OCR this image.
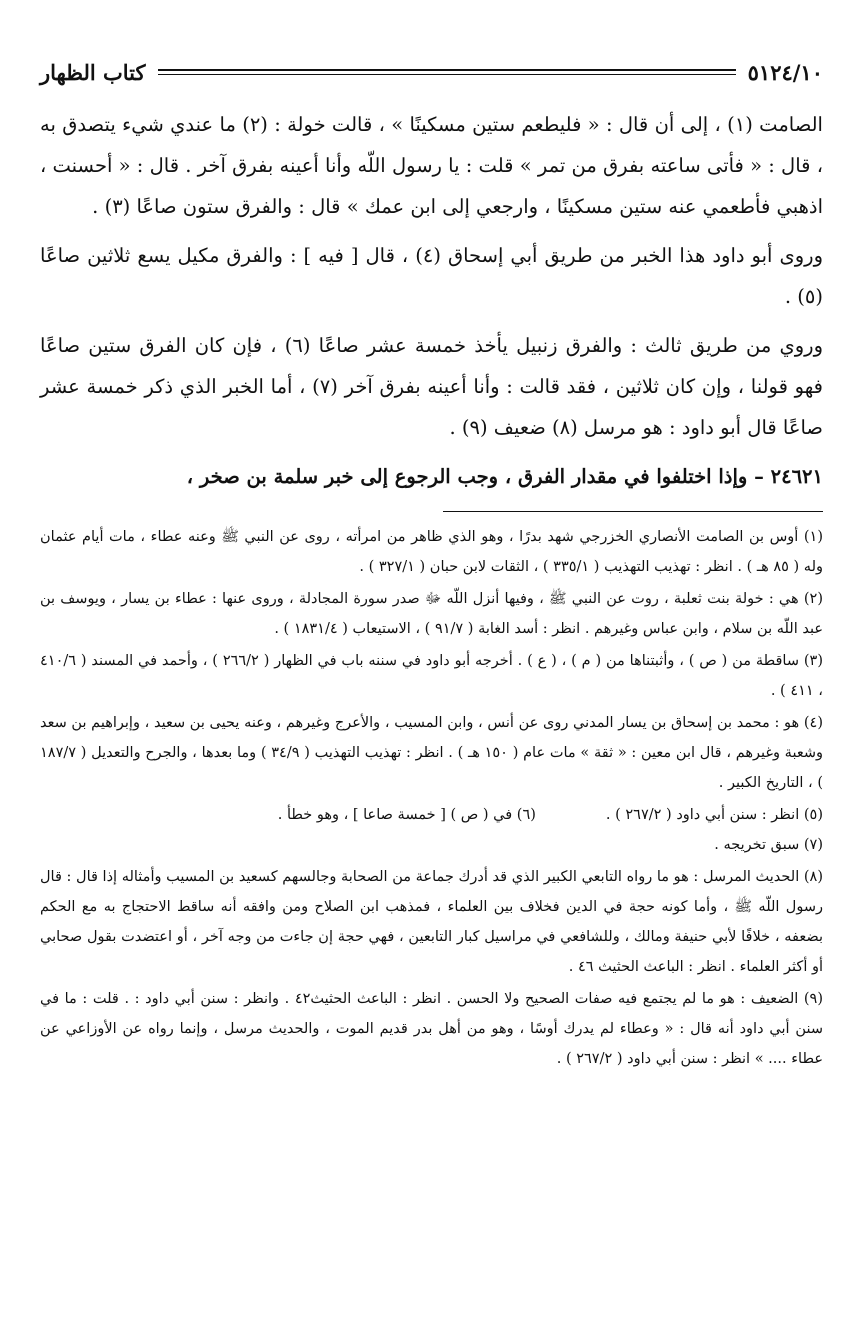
٥١٢٤/١٠
كتاب الظهار

الصامت (١) ، إلى أن قال : « فليطعم ستين مسكينًا » ، قالت خولة : (٢) ما عندي شيء يتصدق به ، قال : « فأتى ساعته بفرق من تمر » قلت : يا رسول اللّه وأنا أعينه بفرق آخر . قال : « أحسنت ، اذهبي فأطعمي عنه ستين مسكينًا ، وارجعي إلى ابن عمك » قال : والفرق ستون صاعًا (٣) .

وروى أبو داود هذا الخبر من طريق أبي إسحاق (٤) ، قال [ فيه ] : والفرق مكيل يسع ثلاثين صاعًا (٥) .

وروي من طريق ثالث : والفرق زنبيل يأخذ خمسة عشر صاعًا (٦) ، فإن كان الفرق ستين صاعًا فهو قولنا ، وإن كان ثلاثين ، فقد قالت : وأنا أعينه بفرق آخر (٧) ، أما الخبر الذي ذكر خمسة عشر صاعًا قال أبو داود : هو مرسل (٨) ضعيف (٩) .

٢٤٦٢١ – وإذا اختلفوا في مقدار الفرق ، وجب الرجوع إلى خبر سلمة بن صخر ،

(١) أوس بن الصامت الأنصاري الخزرجي شهد بدرًا ، وهو الذي ظاهر من امرأته ، روى عن النبي ﷺ وعنه عطاء ، مات أيام عثمان وله ( ٨٥ هـ ) . انظر : تهذيب التهذيب ( ٣٣٥/١ ) ، الثقات لابن حبان ( ٣٢٧/١ ) .

(٢) هي : خولة بنت ثعلبة ، روت عن النبي ﷺ ، وفيها أنزل اللّه ﷻ صدر سورة المجادلة ، وروى عنها : عطاء بن يسار ، ويوسف بن عبد اللّه بن سلام ، وابن عباس وغيرهم . انظر : أسد الغابة ( ٩١/٧ ) ، الاستيعاب ( ١٨٣١/٤ ) .

(٣) ساقطة من ( ص ) ، وأثبتناها من ( م ) ، ( ع ) . أخرجه أبو داود في سننه باب في الظهار ( ٢٦٦/٢ ) ، وأحمد في المسند ( ٤١٠/٦ ، ٤١١ ) .

(٤) هو : محمد بن إسحاق بن يسار المدني روى عن أنس ، وابن المسيب ، والأعرج وغيرهم ، وعنه يحيى بن سعيد ، وإبراهيم بن سعد وشعبة وغيرهم ، قال ابن معين : « ثقة » مات عام ( ١٥٠ هـ ) . انظر : تهذيب التهذيب ( ٣٤/٩ ) وما بعدها ، والجرح والتعديل ( ١٨٧/٧ ) ، التاريخ الكبير .

(٥) انظر : سنن أبي داود ( ٢٦٧/٢ ) .
(٦) في ( ص ) [ خمسة صاعا ] ، وهو خطأ .

(٧) سبق تخريجه .

(٨) الحديث المرسل : هو ما رواه التابعي الكبير الذي قد أدرك جماعة من الصحابة وجالسهم كسعيد بن المسيب وأمثاله إذا قال : قال رسول اللّه ﷺ ، وأما كونه حجة في الدين فخلاف بين العلماء ، فمذهب ابن الصلاح ومن وافقه أنه ساقط الاحتجاج به مع الحكم بضعفه ، خلافًا لأبي حنيفة ومالك ، وللشافعي في مراسيل كبار التابعين ، فهي حجة إن جاءت من وجه آخر ، أو اعتضدت بقول صحابي أو أكثر العلماء . انظر : الباعث الحثيث ٤٦ .

(٩) الضعيف : هو ما لم يجتمع فيه صفات الصحيح ولا الحسن . انظر : الباعث الحثيث٤٢ . وانظر : سنن أبي داود : . قلت : ما في سنن أبي داود أنه قال : « وعطاء لم يدرك أوسًا ، وهو من أهل بدر قديم الموت ، والحديث مرسل ، وإنما رواه عن الأوزاعي عن عطاء .... » انظر : سنن أبي داود ( ٢٦٧/٢ ) .
